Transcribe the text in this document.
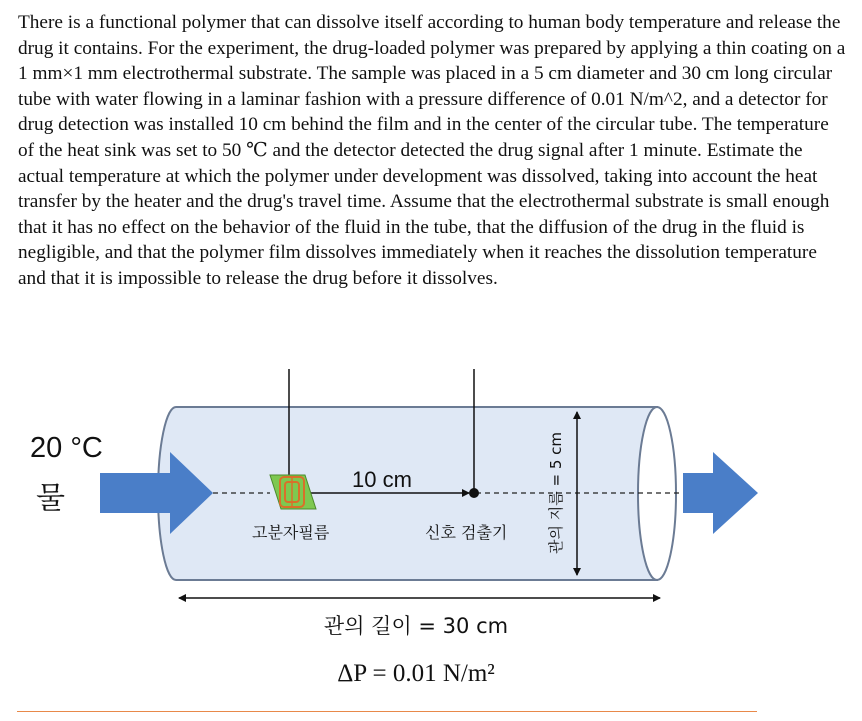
There is a functional polymer that can dissolve itself according to human body temperature and release the drug it contains. For the experiment, the drug-loaded polymer was prepared by applying a thin coating on a 1 mm×1 mm electrothermal substrate. The sample was placed in a 5 cm diameter and 30 cm long circular tube with water flowing in a laminar fashion with a pressure difference of 0.01 N/m^2, and a detector for drug detection was installed 10 cm behind the film and in the center of the circular tube. The temperature of the heat sink was set to 50 ℃ and the detector detected the drug signal after 1 minute. Estimate the actual temperature at which the polymer under development was dissolved, taking into account the heat transfer by the heater and the drug's travel time. Assume that the electrothermal substrate is small enough that it has no effect on the behavior of the fluid in the tube, that the diffusion of the drug in the fluid is negligible, and that the polymer film dissolves immediately when it reaches the dissolution temperature and that it is impossible to release the drug before it dissolves.

20 °C
물
고분자필름
10 cm
신호 검출기	관의 지름 = 5 cm
관의 길이 = 30 cm
ΔP = 0.01 N/m²
